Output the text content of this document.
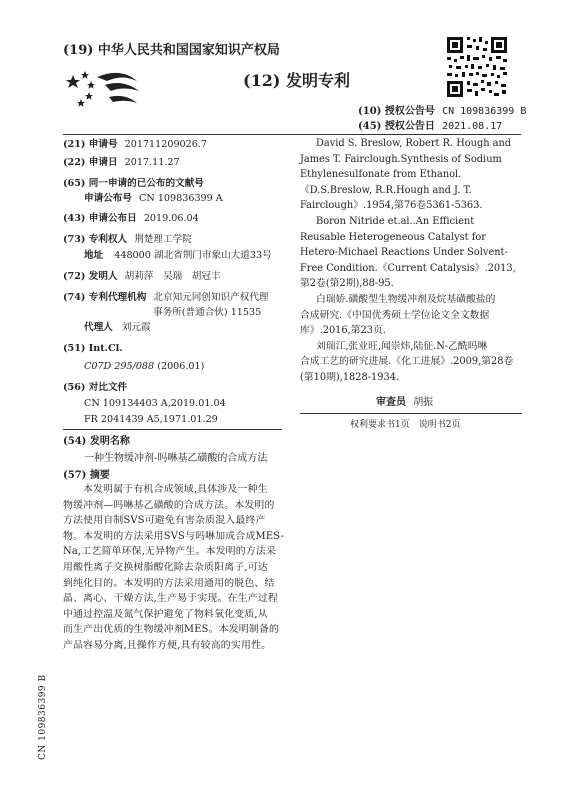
(19) 中华人民共和国国家知识产权局
(12) 发明专利
(10) 授权公告号 CN 109836399 B
(45) 授权公告日 2021.08.17
(21) 申请号 201711209026.7
(22) 申请日 2017.11.27
(65) 同一申请的已公布的文献号
申请公布号 CN 109836399 A
(43) 申请公布日 2019.06.04
(73) 专利权人 荆楚理工学院
地址 448000 湖北省荆门市象山大道33号
(72) 发明人 胡莉萍　吴瑞　胡冠丰
(74) 专利代理机构 北京知元同创知识产权代理
事务所(普通合伙) 11535
代理人 刘元霞
(51) Int.Cl.
C07D 295/088 (2006.01)
(56) 对比文件
CN 109134403 A,2019.01.04
FR 2041439 A5,1971.01.29
David S. Breslow, Robert R. Hough and
James T. Fairclough.Synthesis of Sodium
Ethylenesulfonate from Ethanol.
《D.S.Breslow, R.R.Hough and J. T.
Fairclough》.1954,第76卷5361-5363.
Boron Nitride et.al..An Efficient
Reusable Heterogeneous Catalyst for
Hetero-Michael Reactions Under Solvent-
Free Condition.《Current Catalysis》.2013,
第2卷(第2期),88-95.
白瑞娇.磺酸型生物缓冲剂及烷基磺酸盐的
合成研究.《中国优秀硕士学位论文全文数据
库》.2016,第23页.
刘瑞江,张业旺,闻崇炜,陆征.N-乙酰吗啉
合成工艺的研究进展.《化工进展》.2009,第28卷
(第10期),1828-1934.
审查员 胡振
权利要求书1页　说明书2页
(54) 发明名称
一种生物缓冲剂-吗啉基乙磺酸的合成方法
(57) 摘要
本发明属于有机合成领域,具体涉及一种生
物缓冲剂—吗啉基乙磺酸的合成方法。本发明的
方法使用自制SVS可避免有害杂质混入最终产
物。本发明的方法采用SVS与吗啉加成合成MES-
Na,工艺简单环保,无异物产生。本发明的方法采
用酸性离子交换树脂酸化除去杂质阳离子,可达
到纯化目的。本发明的方法采用通用的脱色、结
晶、离心、干燥方法,生产易于实现。在生产过程
中通过控温及氮气保护避免了物料氧化变质,从
而生产出优质的生物缓冲剂MES。本发明制备的
产品容易分离,且操作方便,具有较高的实用性。
CN 109836399 B
